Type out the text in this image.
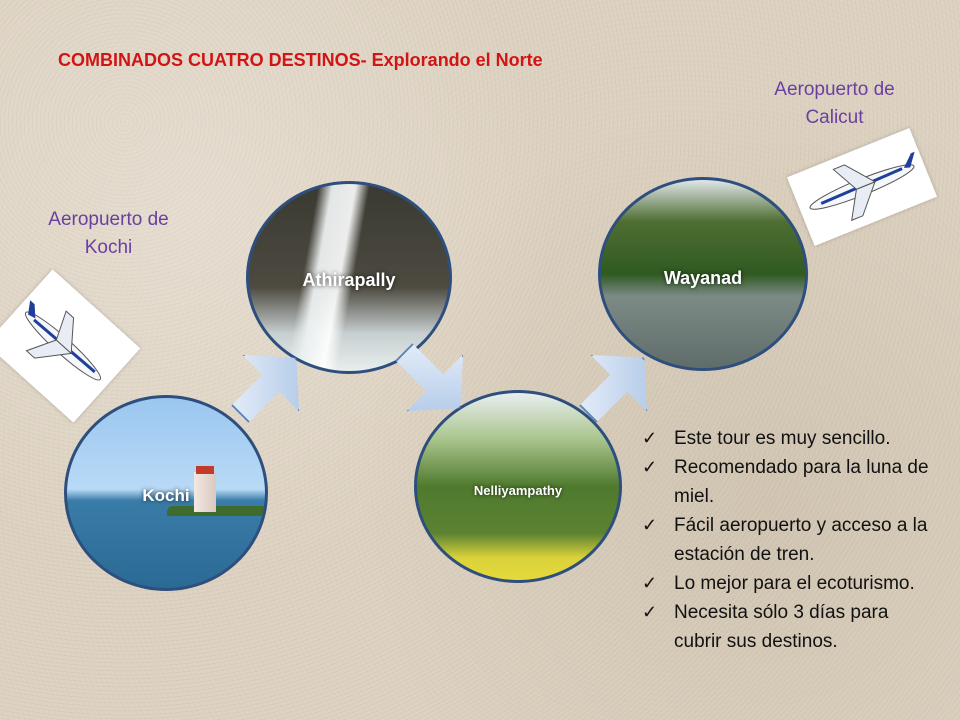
COMBINADOS CUATRO DESTINOS- Explorando el Norte
Aeropuerto de Kochi
Aeropuerto de Calicut
Kochi
Athirapally
Nelliyampathy
Wayanad
✓ Este tour es muy sencillo.
✓ Recomendado para la luna de miel.
✓ Fácil aeropuerto y acceso a la estación de tren.
✓ Lo mejor para el ecoturismo.
✓ Necesita sólo 3 días para cubrir sus destinos.
